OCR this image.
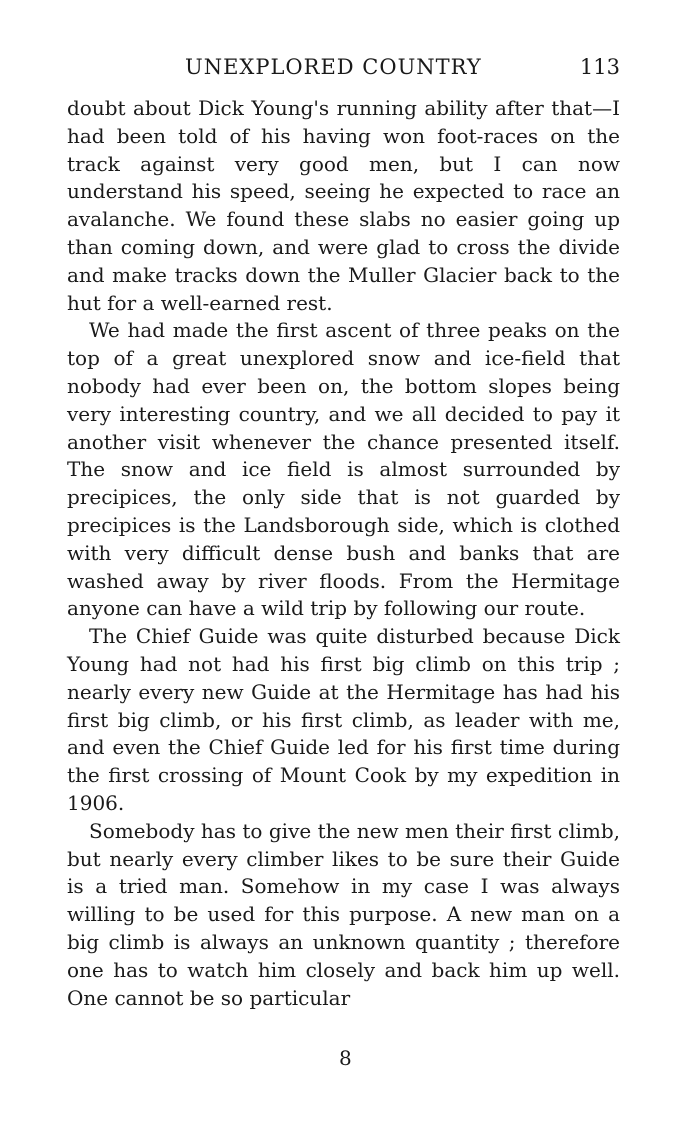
UNEXPLORED COUNTRY	113

doubt about Dick Young's running ability after that—I had been told of his having won foot-races on the track against very good men, but I can now understand his speed, seeing he expected to race an avalanche. We found these slabs no easier going up than coming down, and were glad to cross the divide and make tracks down the Muller Glacier back to the hut for a well-earned rest.

We had made the first ascent of three peaks on the top of a great unexplored snow and ice-field that nobody had ever been on, the bottom slopes being very interesting country, and we all decided to pay it another visit whenever the chance presented itself. The snow and ice field is almost surrounded by precipices, the only side that is not guarded by precipices is the Landsborough side, which is clothed with very difficult dense bush and banks that are washed away by river floods. From the Hermitage anyone can have a wild trip by following our route.

The Chief Guide was quite disturbed because Dick Young had not had his first big climb on this trip ; nearly every new Guide at the Hermitage has had his first big climb, or his first climb, as leader with me, and even the Chief Guide led for his first time during the first crossing of Mount Cook by my expedition in 1906.

Somebody has to give the new men their first climb, but nearly every climber likes to be sure their Guide is a tried man. Somehow in my case I was always willing to be used for this purpose. A new man on a big climb is always an unknown quantity ; therefore one has to watch him closely and back him up well. One cannot be so particular

8
